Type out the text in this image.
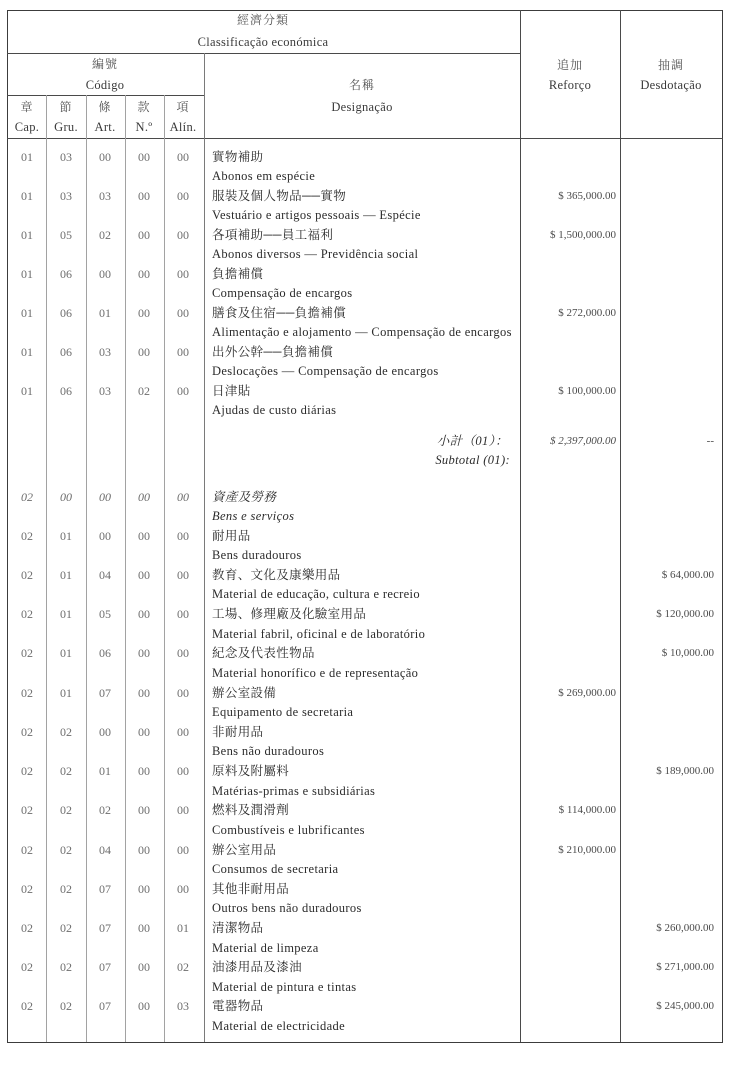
經濟分類
Classificação económica
編號
Código	名稱
Designação
追加
Reforço
抽調
Desdotação
章
Cap.
節
Gru.
條
Art.
款
N.º
項
Alín.
01 03 00 00 00 實物補助
Abonos em espécie
01 03 03 00 00 服裝及個人物品──實物
Vestuário e artigos pessoais — Espécie
$ 365,000.00
01 05 02 00 00 各項補助──員工福利
Abonos diversos — Previdência social
$ 1,500,000.00
01 06 00 00 00 負擔補償
Compensação de encargos
01 06 01 00 00 膳食及住宿──負擔補償
Alimentação e alojamento — Compensação de encargos
$ 272,000.00
01 06 03 00 00 出外公幹──負擔補償
Deslocações — Compensação de encargos
01 06 03 02 00 日津貼
Ajudas de custo diárias
$ 100,000.00
02 00 00 00 00 資產及勞務
Bens e serviços
02 01 00 00 00 耐用品
Bens duradouros
02 01 04 00 00 教育、文化及康樂用品
Material de educação, cultura e recreio
$ 64,000.00
02 01 05 00 00 工場、修理廠及化驗室用品
Material fabril, oficinal e de laboratório
$ 120,000.00
02 01 06 00 00 紀念及代表性物品
Material honorífico e de representação
$ 10,000.00
02 01 07 00 00 辦公室設備
Equipamento de secretaria
$ 269,000.00
02 02 00 00 00 非耐用品
Bens não duradouros
02 02 01 00 00 原料及附屬料
Matérias-primas e subsidiárias
$ 189,000.00
02 02 02 00 00 燃料及潤滑劑
Combustíveis e lubrificantes
$ 114,000.00
02 02 04 00 00 辦公室用品
Consumos de secretaria
$ 210,000.00
02 02 07 00 00 其他非耐用品
Outros bens não duradouros
02 02 07 00 01 清潔物品
Material de limpeza
$ 260,000.00
02 02 07 00 02 油漆用品及漆油
Material de pintura e tintas
$ 271,000.00
02 02 07 00 03 電器物品
Material de electricidade
$ 245,000.00
小計（01）：
Subtotal (01):
$ 2,397,000.00	--
